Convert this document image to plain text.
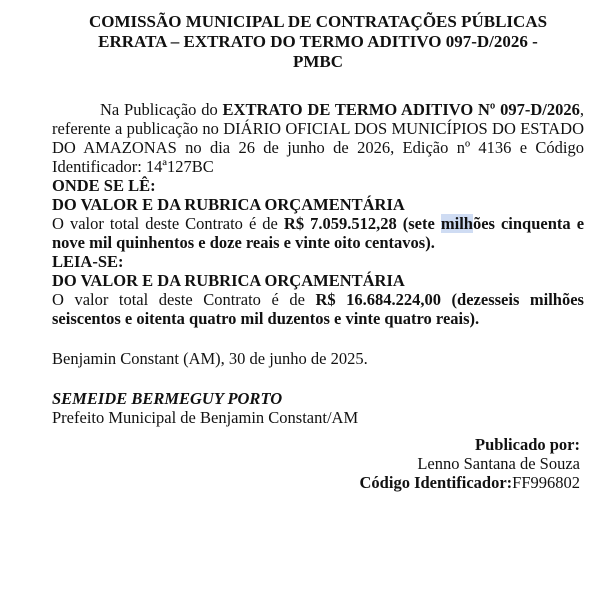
COMISSÃO MUNICIPAL DE CONTRATAÇÕES PÚBLICAS
ERRATA – EXTRATO DO TERMO ADITIVO 097-D/2026 -
PMBC

Na Publicação do EXTRATO DE TERMO ADITIVO Nº 097-D/2026, referente a publicação no DIÁRIO OFICIAL DOS MUNICÍPIOS DO ESTADO DO AMAZONAS no dia 26 de junho de 2026, Edição nº 4136 e Código Identificador: 14ª127BC

ONDE SE LÊ:

DO VALOR E DA RUBRICA ORÇAMENTÁRIA

O valor total deste Contrato é de R$ 7.059.512,28 (sete milhões cinquenta e nove mil quinhentos e doze reais e vinte oito centavos).

LEIA-SE:

DO VALOR E DA RUBRICA ORÇAMENTÁRIA

O valor total deste Contrato é de R$ 16.684.224,00 (dezesseis milhões seiscentos e oitenta quatro mil duzentos e vinte quatro reais).

Benjamin Constant (AM), 30 de junho de 2025.

SEMEIDE BERMEGUY PORTO

Prefeito Municipal de Benjamin Constant/AM

Publicado por:
Lenno Santana de Souza
Código Identificador:FF996802
